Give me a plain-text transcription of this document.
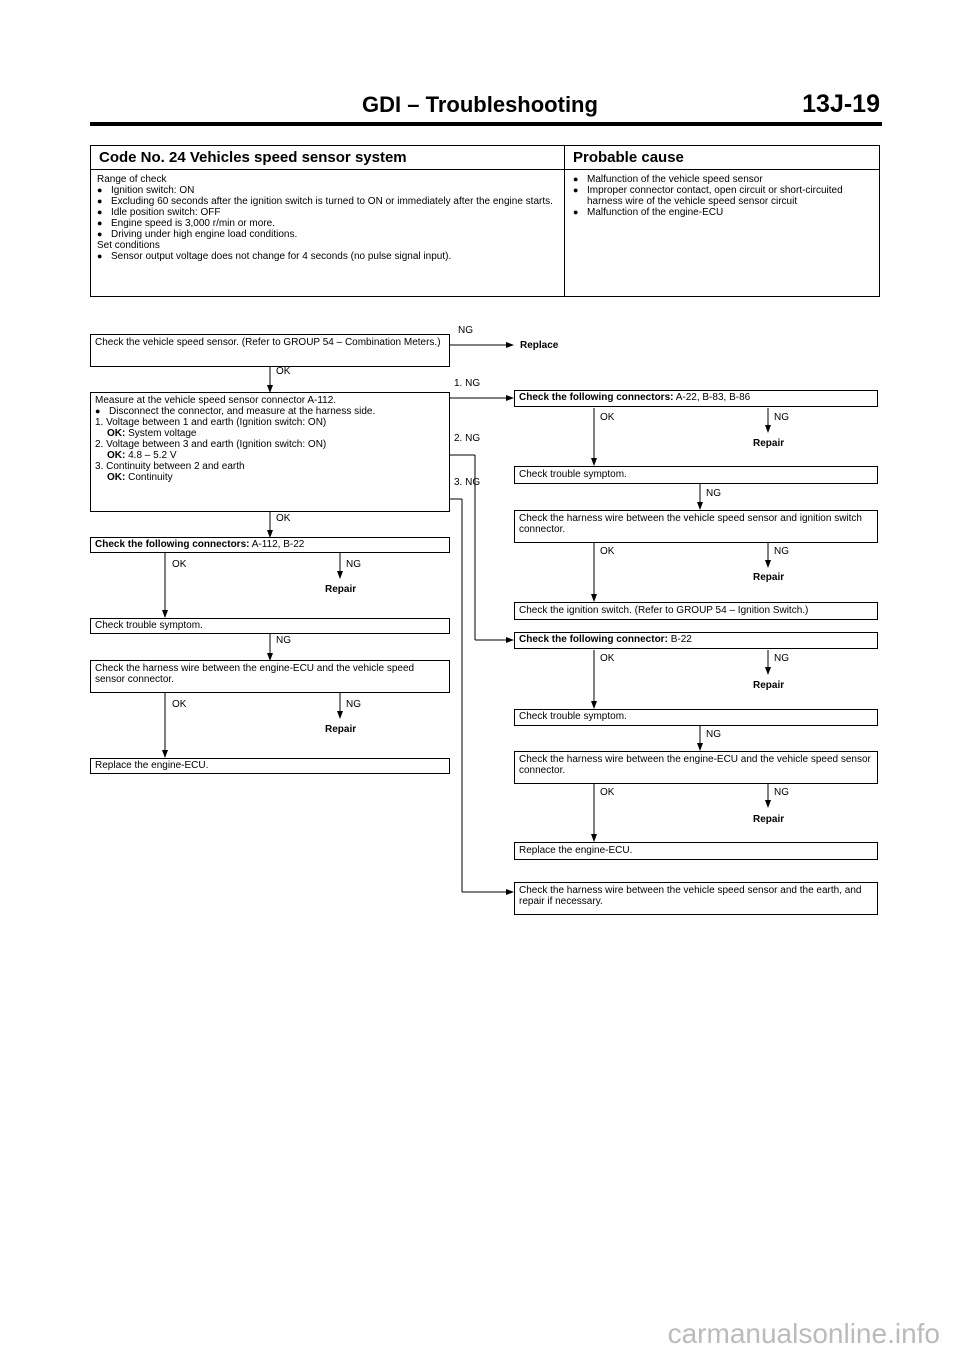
GDI – Troubleshooting	13J-19
Code No. 24 Vehicles speed sensor system	Probable cause
Range of check
● Ignition switch: ON
● Excluding 60 seconds after the ignition switch is turned to ON or immediately after the engine starts.
● Idle position switch: OFF
● Engine speed is 3,000 r/min or more.
● Driving under high engine load conditions.
Set conditions
● Sensor output voltage does not change for 4 seconds (no pulse signal input).
● Malfunction of the vehicle speed sensor
● Improper connector contact, open circuit or short-circuited harness wire of the vehicle speed sensor circuit
● Malfunction of the engine-ECU
Check the vehicle speed sensor. (Refer to GROUP 54 – Combination Meters.)
NG
Replace
OK
Measure at the vehicle speed sensor connector A-112.
● Disconnect the connector, and measure at the harness side.
1. Voltage between 1 and earth (Ignition switch: ON)
OK: System voltage
2. Voltage between 3 and earth (Ignition switch: ON)
OK: 4.8 – 5.2 V
3. Continuity between 2 and earth
OK: Continuity
1. NG
2. NG
3. NG
OK
Check the following connectors: A-112, B-22
OK	NG
Repair
Check trouble symptom.
NG
Check the harness wire between the engine-ECU and the vehicle speed sensor connector.
OK	NG
Repair
Replace the engine-ECU.
Check the following connectors: A-22, B-83, B-86
OK	NG
Repair
Check trouble symptom.
NG
Check the harness wire between the vehicle speed sensor and ignition switch connector.
OK	NG
Repair
Check the ignition switch. (Refer to GROUP 54 – Ignition Switch.)
Check the following connector: B-22
OK	NG
Repair
Check trouble symptom.
NG
Check the harness wire between the engine-ECU and the vehicle speed sensor connector.
OK	NG
Repair
Replace the engine-ECU.
Check the harness wire between the vehicle speed sensor and the earth, and repair if necessary.
carmanualsonline.info
